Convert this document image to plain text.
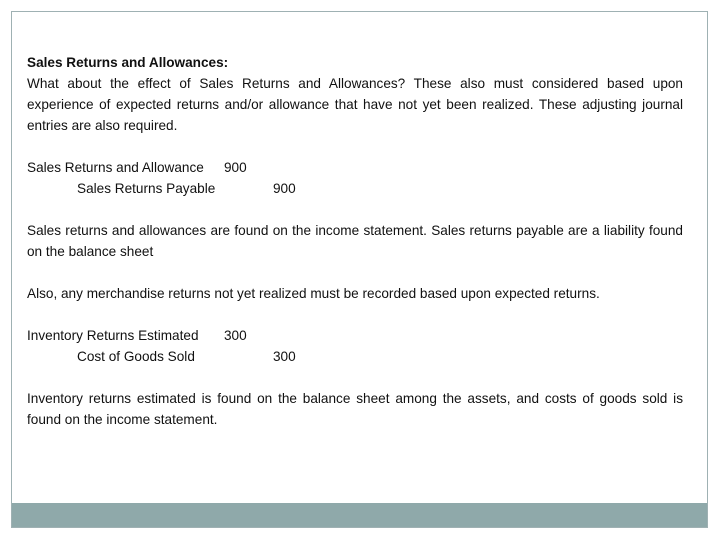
Sales Returns and Allowances:

What about the effect of Sales Returns and Allowances? These also must considered based upon experience of expected returns and/or allowance that have not yet been realized. These adjusting journal entries are also required.

Sales Returns and Allowance 900
Sales Returns Payable	900

Sales returns and allowances are found on the income statement. Sales returns payable are a liability found on the balance sheet

Also, any merchandise returns not yet realized must be recorded based upon expected returns.

Inventory Returns Estimated 300
Cost of Goods Sold	300

Inventory returns estimated is found on the balance sheet among the assets, and costs of goods sold is found on the income statement.
